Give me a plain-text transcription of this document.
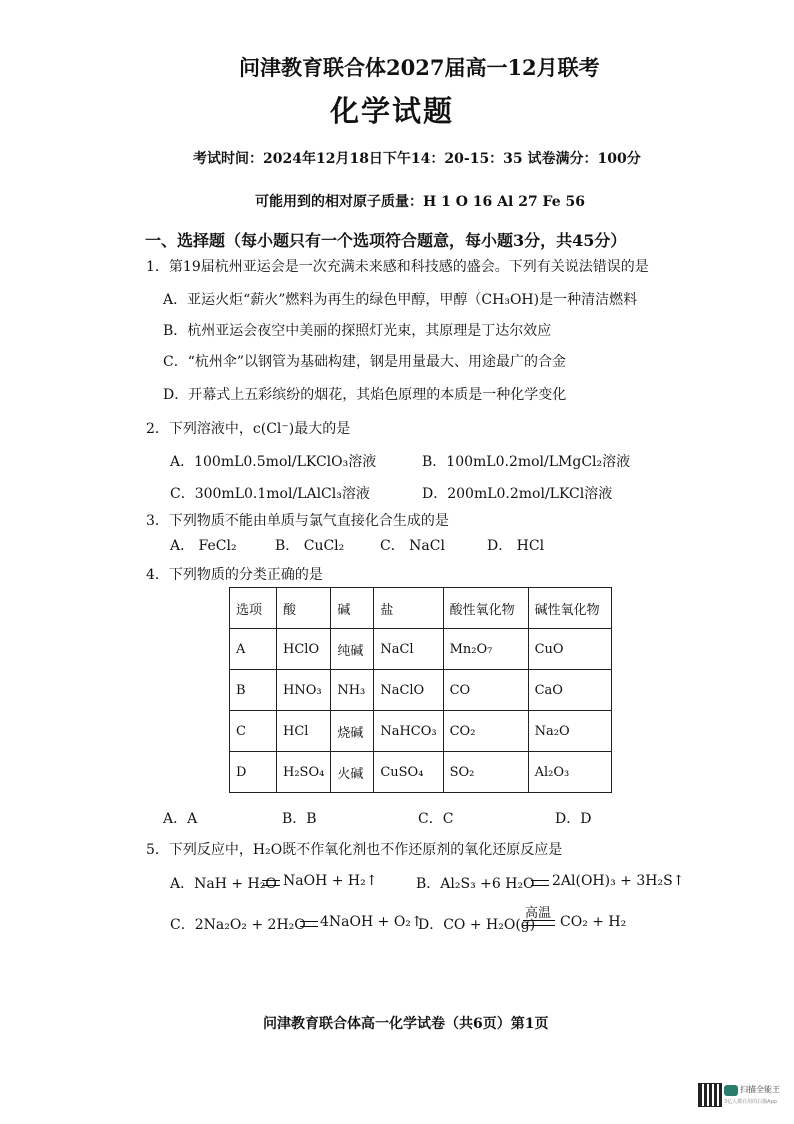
问津教育联合体2027届高一12月联考
化学试题
考试时间：2024年12月18日下午14：20-15：35 试卷满分：100分
可能用到的相对原子质量：H 1 O 16 Al 27 Fe 56
一、选择题（每小题只有一个选项符合题意，每小题3分，共45分）
1．第19届杭州亚运会是一次充满未来感和科技感的盛会。下列有关说法错误的是
A．亚运火炬“薪火”燃料为再生的绿色甲醇，甲醇（CH₃OH)是一种清洁燃料
B．杭州亚运会夜空中美丽的探照灯光束，其原理是丁达尔效应
C．“杭州伞”以钢管为基础构建，钢是用量最大、用途最广的合金
D．开幕式上五彩缤纷的烟花，其焰色原理的本质是一种化学变化
2．下列溶液中，c(Cl⁻)最大的是
A．100mL0.5mol/LKClO₃溶液	B．100mL0.2mol/LMgCl₂溶液
C．300mL0.1mol/LAlCl₃溶液	D．200mL0.2mol/LKCl溶液
3．下列物质不能由单质与氯气直接化合生成的是
A． FeCl₂	B． CuCl₂	C． NaCl	D． HCl
4．下列物质的分类正确的是
选项	酸	碱	盐	酸性氧化物	碱性氧化物
A	HClO	纯碱	NaCl	Mn₂O₇	CuO
B	HNO₃	NH₃	NaClO	CO	CaO
C	HCl	烧碱	NaHCO₃	CO₂	Na₂O
D	H₂SO₄	火碱	CuSO₄	SO₂	Al₂O₃
A．A	B．B	C．C	D．D
5．下列反应中，H₂O既不作氧化剂也不作还原剂的氧化还原反应是
A．NaH + H₂O NaOH + H₂↑	B．Al₂S₃ +6 H₂O 2Al(OH)₃ + 3H₂S↑
C．2Na₂O₂ + 2H₂O 4NaOH + O₂↑
D．CO + H₂O(g)
高温
CO₂ + H₂
问津教育联合体高一化学试卷（共6页）第1页
扫描全能王
3亿人都在用的扫描App
